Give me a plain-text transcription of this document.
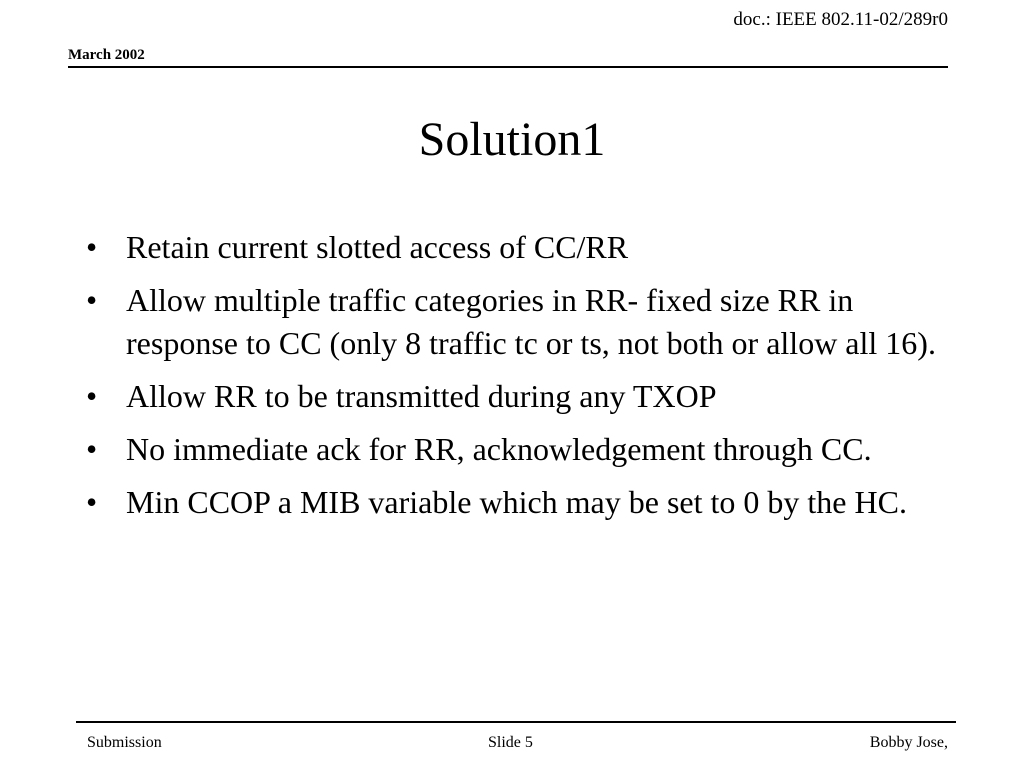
doc.: IEEE 802.11-02/289r0
March 2002
Solution1
• Retain current slotted access of CC/RR
• Allow multiple traffic categories in RR- fixed size RR in response to CC (only 8 traffic tc or ts, not both or allow all 16).
• Allow RR to be transmitted during any TXOP
• No immediate ack for RR, acknowledgement through CC.
• Min CCOP a MIB variable which may be set to 0 by the HC.
Submission	Slide 5	Bobby Jose,
